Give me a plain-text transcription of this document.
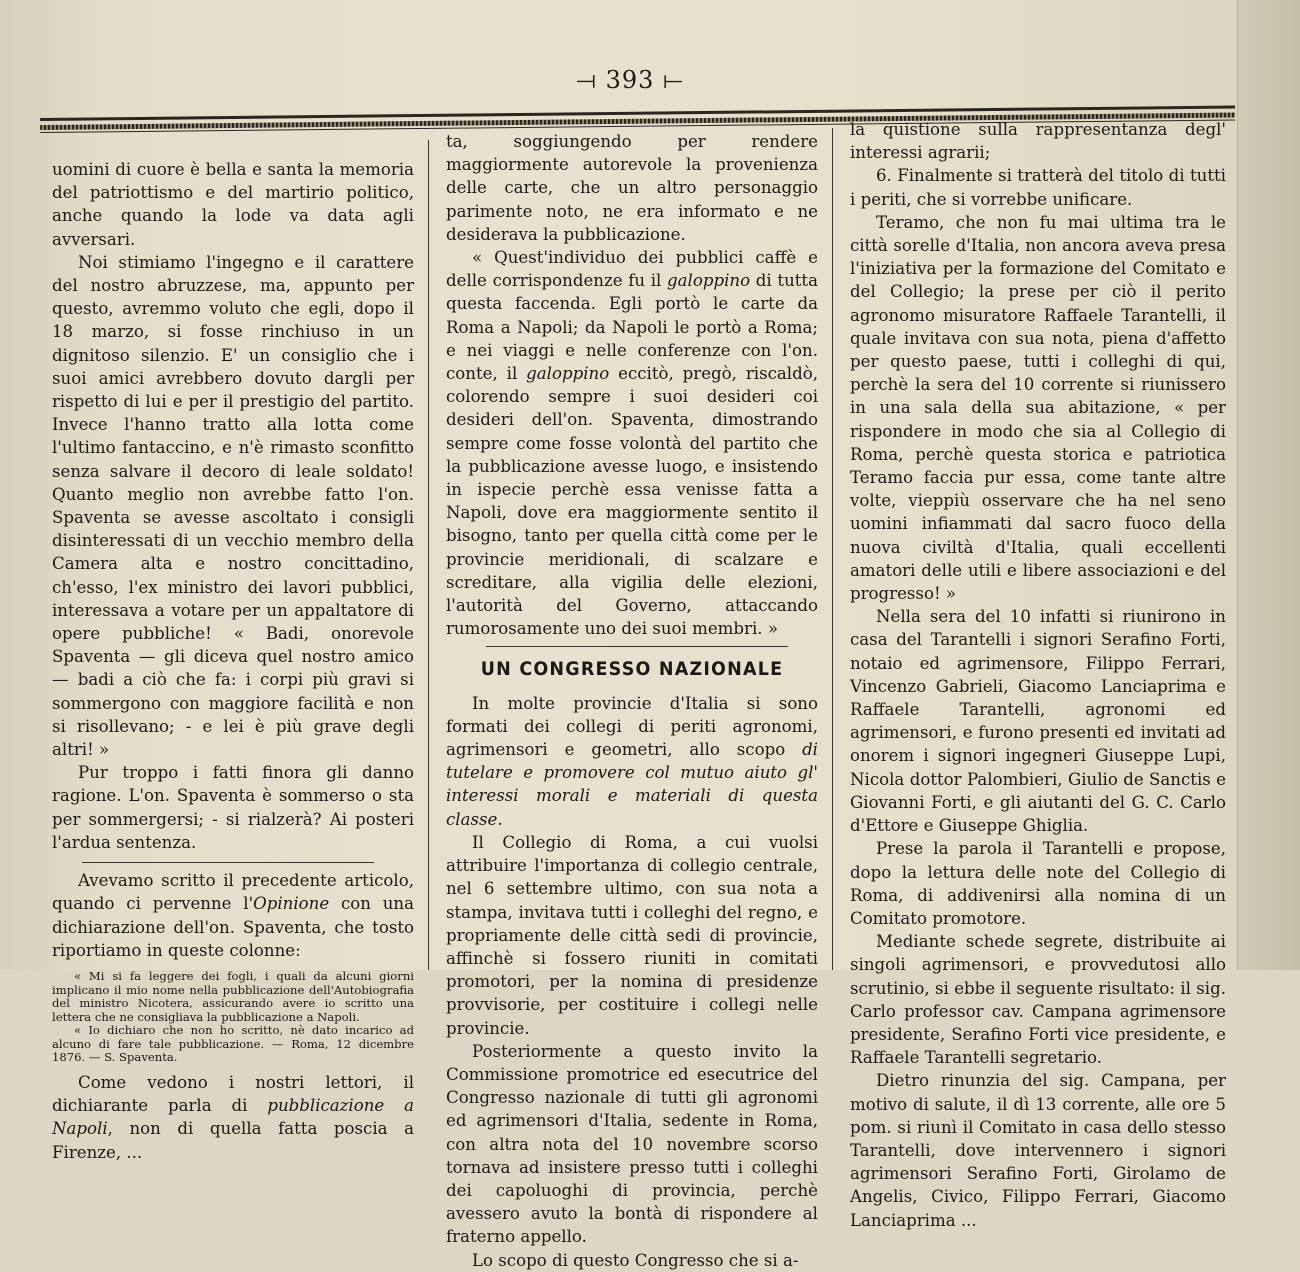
⟞ 393 ⟝

uomini di cuore è bella e santa la memoria del patriottismo e del martirio politico, anche quando la lode va data agli avversari.

Noi stimiamo l'ingegno e il carattere del nostro abruzzese, ma, appunto per questo, avremmo voluto che egli, dopo il 18 marzo, si fosse rinchiuso in un dignitoso silenzio. E' un consiglio che i suoi amici avrebbero dovuto dargli per rispetto di lui e per il prestigio del partito. Invece l'hanno tratto alla lotta come l'ultimo fantaccino, e n'è rimasto sconfitto senza salvare il decoro di leale soldato! Quanto meglio non avrebbe fatto l'on. Spaventa se avesse ascoltato i consigli disinteressati di un vecchio membro della Camera alta e nostro concittadino, ch'esso, l'ex ministro dei lavori pubblici, interessava a votare per un appaltatore di opere pubbliche! « Badi, onorevole Spaventa — gli diceva quel nostro amico — badi a ciò che fa: i corpi più gravi si sommergono con maggiore facilità e non si risollevano; - e lei è più grave degli altri! »

Pur troppo i fatti finora gli danno ragione. L'on. Spaventa è sommerso o sta per sommergersi; - si rialzerà? Ai posteri l'ardua sentenza.

Avevamo scritto il precedente articolo, quando ci pervenne l'Opinione con una dichiarazione dell'on. Spaventa, che tosto riportiamo in queste colonne:

« Mi si fa leggere dei fogli, i quali da alcuni giorni implicano il mio nome nella pubblicazione dell'Autobiografia del ministro Nicotera, assicurando avere io scritto una lettera che ne consigliava la pubblicazione a Napoli.

« Io dichiaro che non ho scritto, nè dato incarico ad alcuno di fare tale pubblicazione. — Roma, 12 dicembre 1876. — S. Spaventa.

Come vedono i nostri lettori, il dichiarante parla di pubblicazione a Napoli, non di quella fatta poscia a Firenze, ...

ta, soggiungendo per rendere maggiormente autorevole la provenienza delle carte, che un altro personaggio parimente noto, ne era informato e ne desiderava la pubblicazione.

« Quest'individuo dei pubblici caffè e delle corrispondenze fu il galoppino di tutta questa faccenda. Egli portò le carte da Roma a Napoli; da Napoli le portò a Roma; e nei viaggi e nelle conferenze con l'on. conte, il galoppino eccitò, pregò, riscaldò, colorendo sempre i suoi desideri coi desideri dell'on. Spaventa, dimostrando sempre come fosse volontà del partito che la pubblicazione avesse luogo, e insistendo in ispecie perchè essa venisse fatta a Napoli, dove era maggiormente sentito il bisogno, tanto per quella città come per le provincie meridionali, di scalzare e screditare, alla vigilia delle elezioni, l'autorità del Governo, attaccando rumorosamente uno dei suoi membri. »

UN CONGRESSO NAZIONALE

In molte provincie d'Italia si sono formati dei collegi di periti agronomi, agrimensori e geometri, allo scopo di tutelare e promovere col mutuo aiuto gl' interessi morali e materiali di questa classe.

Il Collegio di Roma, a cui vuolsi attribuire l'importanza di collegio centrale, nel 6 settembre ultimo, con sua nota a stampa, invitava tutti i colleghi del regno, e propriamente delle città sedi di provincie, affinchè si fossero riuniti in comitati promotori, per la nomina di presidenze provvisorie, per costituire i collegi nelle provincie.

Posteriormente a questo invito la Commissione promotrice ed esecutrice del Congresso nazionale di tutti gli agronomi ed agrimensori d'Italia, sedente in Roma, con altra nota del 10 novembre scorso tornava ad insistere presso tutti i colleghi dei capoluoghi di provincia, perchè avessero avuto la bontà di rispondere al fraterno appello.

Lo scopo di questo Congresso che si a-

la quistione sulla rappresentanza degl' interessi agrarii;

6. Finalmente si tratterà del titolo di tutti i periti, che si vorrebbe unificare.

Teramo, che non fu mai ultima tra le città sorelle d'Italia, non ancora aveva presa l'iniziativa per la formazione del Comitato e del Collegio; la prese per ciò il perito agronomo misuratore Raffaele Tarantelli, il quale invitava con sua nota, piena d'affetto per questo paese, tutti i colleghi di qui, perchè la sera del 10 corrente si riunissero in una sala della sua abitazione, « per rispondere in modo che sia al Collegio di Roma, perchè questa storica e patriotica Teramo faccia pur essa, come tante altre volte, vieppiù osservare che ha nel seno uomini infiammati dal sacro fuoco della nuova civiltà d'Italia, quali eccellenti amatori delle utili e libere associazioni e del progresso! »

Nella sera del 10 infatti si riunirono in casa del Tarantelli i signori Serafino Forti, notaio ed agrimensore, Filippo Ferrari, Vincenzo Gabrieli, Giacomo Lanciaprima e Raffaele Tarantelli, agronomi ed agrimensori, e furono presenti ed invitati ad onorem i signori ingegneri Giuseppe Lupi, Nicola dottor Palombieri, Giulio de Sanctis e Giovanni Forti, e gli aiutanti del G. C. Carlo d'Ettore e Giuseppe Ghiglia.

Prese la parola il Tarantelli e propose, dopo la lettura delle note del Collegio di Roma, di addivenirsi alla nomina di un Comitato promotore.

Mediante schede segrete, distribuite ai singoli agrimensori, e provvedutosi allo scrutinio, si ebbe il seguente risultato: il sig. Carlo professor cav. Campana agrimensore presidente, Serafino Forti vice presidente, e Raffaele Tarantelli segretario.

Dietro rinunzia del sig. Campana, per motivo di salute, il dì 13 corrente, alle ore 5 pom. si riunì il Comitato in casa dello stesso Tarantelli, dove intervennero i signori agrimensori Serafino Forti, Girolamo de Angelis, Civico, Filippo Ferrari, Giacomo Lanciaprima ...
